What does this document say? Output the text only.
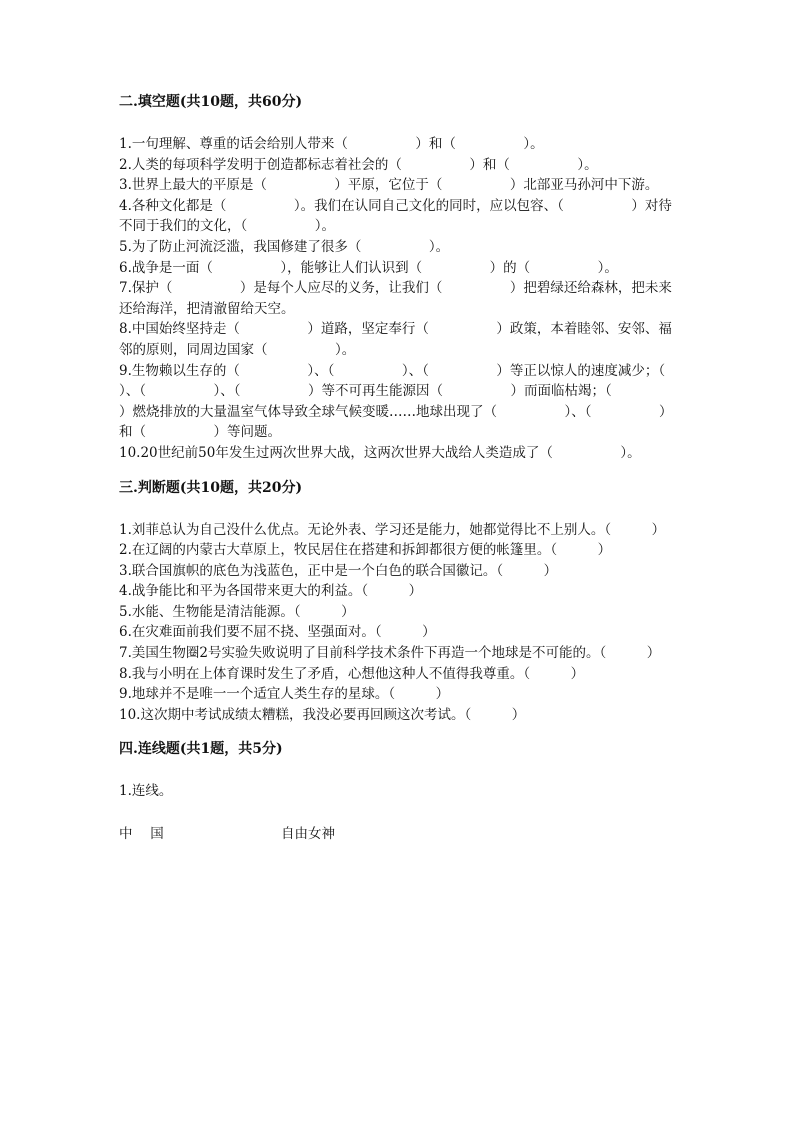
二.填空题(共10题，共60分)

1.一句理解、尊重的话会给别人带来（　　　　　）和（　　　　　）。

2.人类的每项科学发明于创造都标志着社会的（　　　　　）和（　　　　　）。

3.世界上最大的平原是（　　　　　）平原，它位于（　　　　　）北部亚马孙河中下游。

4.各种文化都是（　　　　　）。我们在认同自己文化的同时，应以包容、（　　　　　）对待不同于我们的文化，（　　　　　）。

5.为了防止河流泛滥，我国修建了很多（　　　　　）。

6.战争是一面（　　　　　），能够让人们认识到（　　　　　）的（　　　　　）。

7.保护（　　　　　）是每个人应尽的义务，让我们（　　　　　）把碧绿还给森林，把未来还给海洋，把清澈留给天空。

8.中国始终坚持走（　　　　　）道路，坚定奉行（　　　　　）政策，本着睦邻、安邻、福邻的原则，同周边国家（　　　　　）。

9.生物赖以生存的（　　　　　）、（　　　　　）、（　　　　　）等正以惊人的速度减少；（　　　　　）、（　　　　　）、（　　　　　）等不可再生能源因（　　　　　）而面临枯竭；（　　　　　）燃烧排放的大量温室气体导致全球气候变暖……地球出现了（　　　　　）、（　　　　　）和（　　　　　）等问题。

10.20世纪前50年发生过两次世界大战，这两次世界大战给人类造成了（　　　　　）。

三.判断题(共10题，共20分)

1.刘菲总认为自己没什么优点。无论外表、学习还是能力，她都觉得比不上别人。（　　　）

2.在辽阔的内蒙古大草原上，牧民居住在搭建和拆卸都很方便的帐篷里。（　　　）

3.联合国旗帜的底色为浅蓝色，正中是一个白色的联合国徽记。（　　　）

4.战争能比和平为各国带来更大的利益。（　　　）

5.水能、生物能是清洁能源。（　　　）

6.在灾难面前我们要不屈不挠、坚强面对。（　　　）

7.美国生物圈2号实验失败说明了目前科学技术条件下再造一个地球是不可能的。（　　　）

8.我与小明在上体育课时发生了矛盾，心想他这种人不值得我尊重。（　　　）

9.地球并不是唯一一个适宜人类生存的星球。（　　　）

10.这次期中考试成绩太糟糕，我没必要再回顾这次考试。（　　　）

四.连线题(共1题，共5分)

1.连线。

中　 国	自由女神
